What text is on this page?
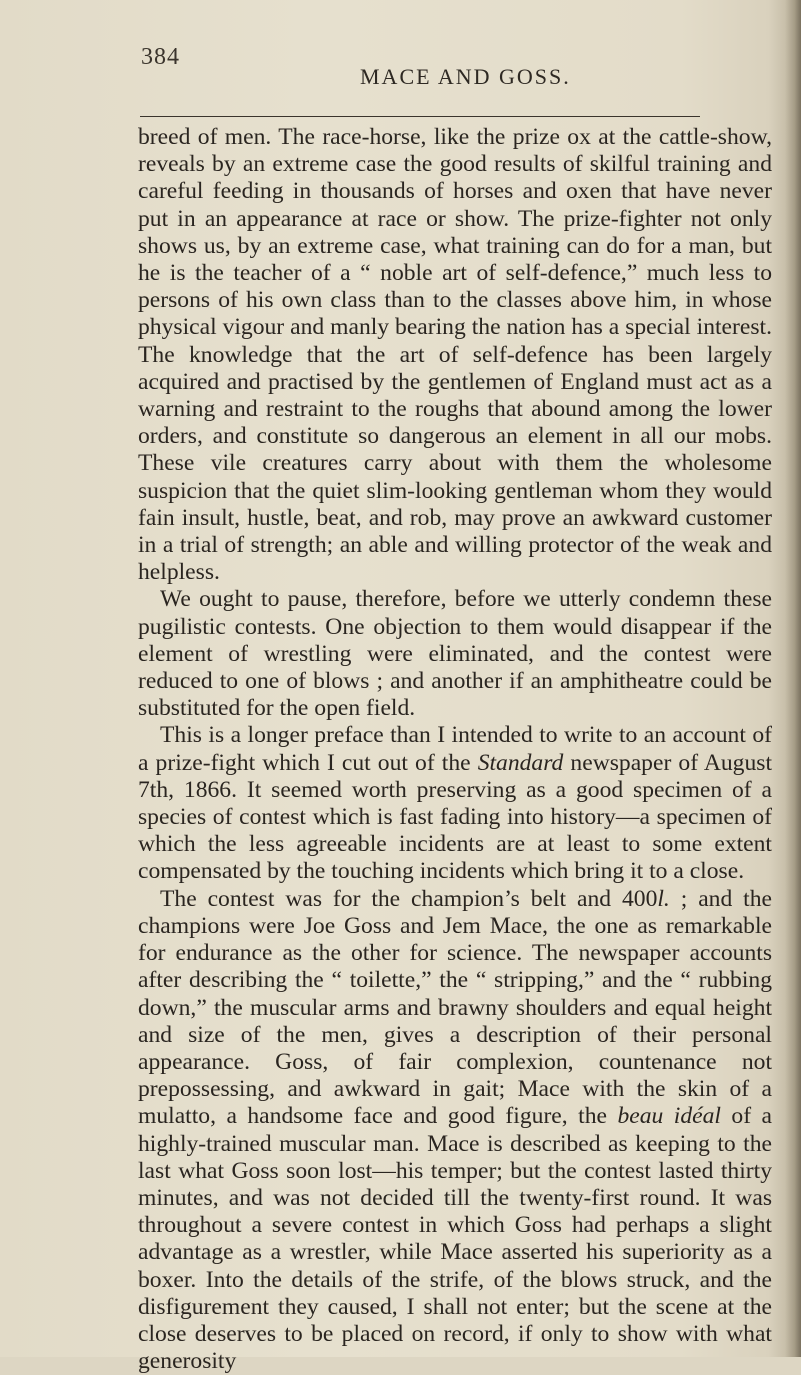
384
MACE AND GOSS.

breed of men. The race-horse, like the prize ox at the cattle-show, reveals by an extreme case the good results of skilful training and careful feeding in thousands of horses and oxen that have never put in an appearance at race or show. The prize-fighter not only shows us, by an extreme case, what training can do for a man, but he is the teacher of a “ noble art of self-defence,” much less to persons of his own class than to the classes above him, in whose physical vigour and manly bearing the nation has a special interest. The knowledge that the art of self-defence has been largely acquired and practised by the gentlemen of England must act as a warning and restraint to the roughs that abound among the lower orders, and constitute so dangerous an element in all our mobs. These vile creatures carry about with them the wholesome suspicion that the quiet slim-looking gentleman whom they would fain insult, hustle, beat, and rob, may prove an awkward customer in a trial of strength; an able and willing protector of the weak and helpless.

We ought to pause, therefore, before we utterly condemn these pugilistic contests. One objection to them would disappear if the element of wrestling were eliminated, and the contest were reduced to one of blows ; and another if an amphitheatre could be substituted for the open field.

This is a longer preface than I intended to write to an account of a prize-fight which I cut out of the Standard newspaper of August 7th, 1866. It seemed worth preserving as a good specimen of a species of contest which is fast fading into history—a specimen of which the less agreeable incidents are at least to some extent compensated by the touching incidents which bring it to a close.

The contest was for the champion’s belt and 400l. ; and the champions were Joe Goss and Jem Mace, the one as remarkable for endurance as the other for science. The newspaper accounts after describing the “ toilette,” the “ stripping,” and the “ rubbing down,” the muscular arms and brawny shoulders and equal height and size of the men, gives a description of their personal appearance. Goss, of fair complexion, countenance not prepossessing, and awkward in gait; Mace with the skin of a mulatto, a handsome face and good figure, the beau idéal of a highly-trained muscular man. Mace is described as keeping to the last what Goss soon lost—his temper; but the contest lasted thirty minutes, and was not decided till the twenty-first round. It was throughout a severe contest in which Goss had perhaps a slight advantage as a wrestler, while Mace asserted his superiority as a boxer. Into the details of the strife, of the blows struck, and the disfigurement they caused, I shall not enter; but the scene at the close deserves to be placed on record, if only to show with what generosity
